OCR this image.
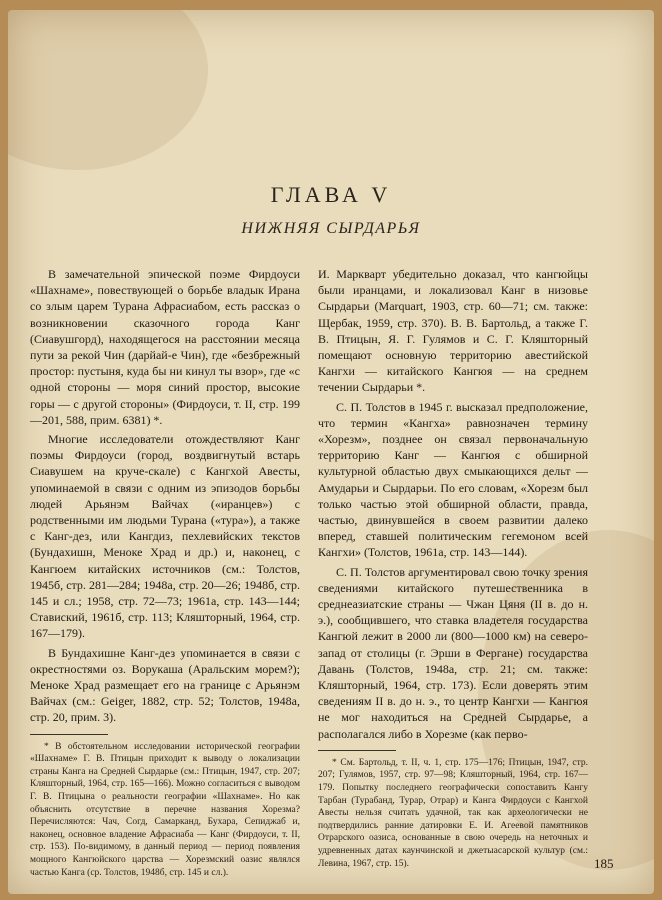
ГЛАВА V
НИЖНЯЯ СЫРДАРЬЯ

В замечательной эпической поэме Фирдоуси «Шахнаме», повествующей о борьбе владык Ирана со злым царем Турана Афрасиабом, есть рассказ о возникновении сказочного города Канг (Сиавушгорд), находящегося на расстоянии месяца пути за рекой Чин (дарйай-е Чин), где «безбрежный простор: пустыня, куда бы ни кинул ты взор», где «с одной стороны — моря синий простор, высокие горы — с другой стороны» (Фирдоуси, т. II, стр. 199—201, 588, прим. 6381) *.

Многие исследователи отождествляют Канг поэмы Фирдоуси (город, воздвигнутый встарь Сиавушем на круче-скале) с Кангхой Авесты, упоминаемой в связи с одним из эпизодов борьбы людей Арьянэм Вайчах («иранцев») с родственными им людьми Турана («тура»), а также с Канг-дез, или Кангдиз, пехлевийских текстов (Бундахишн, Меноке Храд и др.) и, наконец, с Кангюем китайских источников (см.: Толстов, 1945б, стр. 281—284; 1948а, стр. 20—26; 1948б, стр. 145 и сл.; 1958, стр. 72—73; 1961а, стр. 143—144; Ставиский, 1961б, стр. 113; Кляшторный, 1964, стр. 167—179).

В Бундахишне Канг-дез упоминается в связи с окрестностями оз. Ворукаша (Аральским морем?); Меноке Храд размещает его на границе с Арьянэм Вайчах (см.: Geiger, 1882, стр. 52; Толстов, 1948а, стр. 20, прим. 3).

* В обстоятельном исследовании исторической географии «Шахнаме» Г. В. Птицын приходит к выводу о локализации страны Канга на Средней Сырдарье (см.: Птицын, 1947, стр. 207; Кляшторный, 1964, стр. 165—166). Можно согласиться с выводом Г. В. Птицына о реальности географии «Шахнаме». Но как объяснить отсутствие в перечне названия Хорезма? Перечисляются: Чач, Согд, Самарканд, Бухара, Сепиджаб и, наконец, основное владение Афрасиаба — Канг (Фирдоуси, т. II, стр. 153). По-видимому, в данный период — период появления мощного Кангюйского царства — Хорезмский оазис являлся частью Канга (ср. Толстов, 1948б, стр. 145 и сл.).

И. Маркварт убедительно доказал, что кангюйцы были иранцами, и локализовал Канг в низовье Сырдарьи (Marquart, 1903, стр. 60—71; см. также: Щербак, 1959, стр. 370). В. В. Бартольд, а также Г. В. Птицын, Я. Г. Гулямов и С. Г. Кляшторный помещают основную территорию авестийской Кангхи — китайского Кангюя — на среднем течении Сырдарьи *.

С. П. Толстов в 1945 г. высказал предположение, что термин «Кангха» равнозначен термину «Хорезм», позднее он связал первоначальную территорию Канг — Кангюя с обширной культурной областью двух смыкающихся дельт — Амударьи и Сырдарьи. По его словам, «Хорезм был только частью этой обширной области, правда, частью, двинувшейся в своем развитии далеко вперед, ставшей политическим гегемоном всей Кангхи» (Толстов, 1961а, стр. 143—144).

С. П. Толстов аргументировал свою точку зрения сведениями китайского путешественника в среднеазиатские страны — Чжан Цяня (II в. до н. э.), сообщившего, что ставка владетеля государства Кангюй лежит в 2000 ли (800—1000 км) на северо-запад от столицы (г. Эрши в Фергане) государства Давань (Толстов, 1948а, стр. 21; см. также: Кляшторный, 1964, стр. 173). Если доверять этим сведениям II в. до н. э., то центр Кангхи — Кангюя не мог находиться на Средней Сырдарье, а располагался либо в Хорезме (как перво-

* См. Бартольд, т. II, ч. 1, стр. 175—176; Птицын, 1947, стр. 207; Гулямов, 1957, стр. 97—98; Кляшторный, 1964, стр. 167—179. Попытку последнего географически сопоставить Кангу Тарбан (Турабанд, Турар, Отрар) и Канга Фирдоуси с Кангхой Авесты нельзя считать удачной, так как археологически не подтвердились ранние датировки Е. И. Агеевой памятников Отрарского оазиса, основанные в свою очередь на неточных и удревненных датах каунчинской и джетыасарской культур (см.: Левина, 1967, стр. 15).	185
